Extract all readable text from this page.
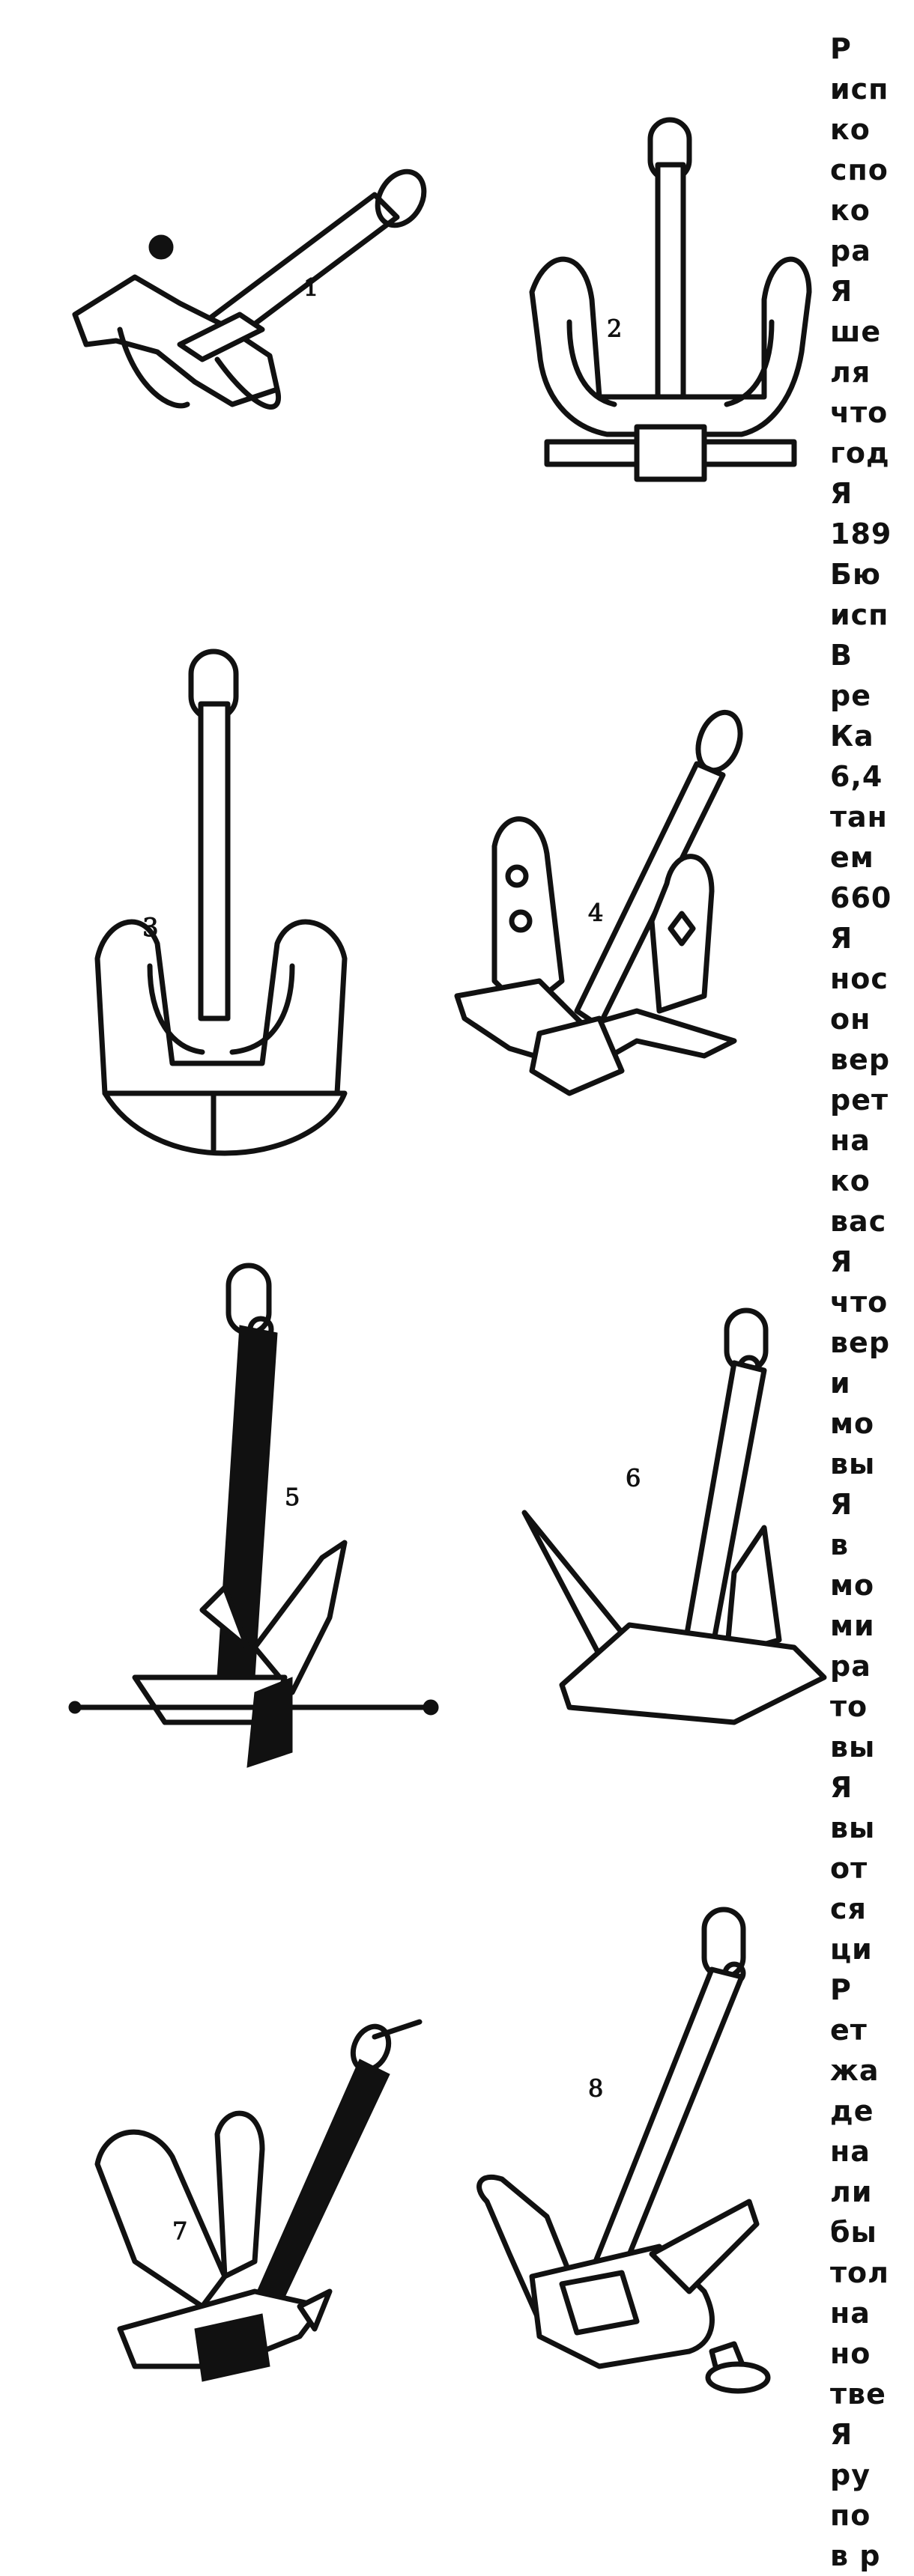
1
2
3	4
5
6
7
8
Р
исп
ко
спо
ко
ра
Я
ше
ля
что
год
Я
189
Бю
исп
В
ре
Ка
6,4
тан
ем
660
Я
нос
он
вер
рет
на
ко
вас
Я
что
вер
и
мо
вы
Я
в
мо
ми
ра
то
вы
Я
вы
от
ся
ци
Р
ет
жа
де
на
ли
бы
тол
на
но
тве
Я
ру
по
в р
